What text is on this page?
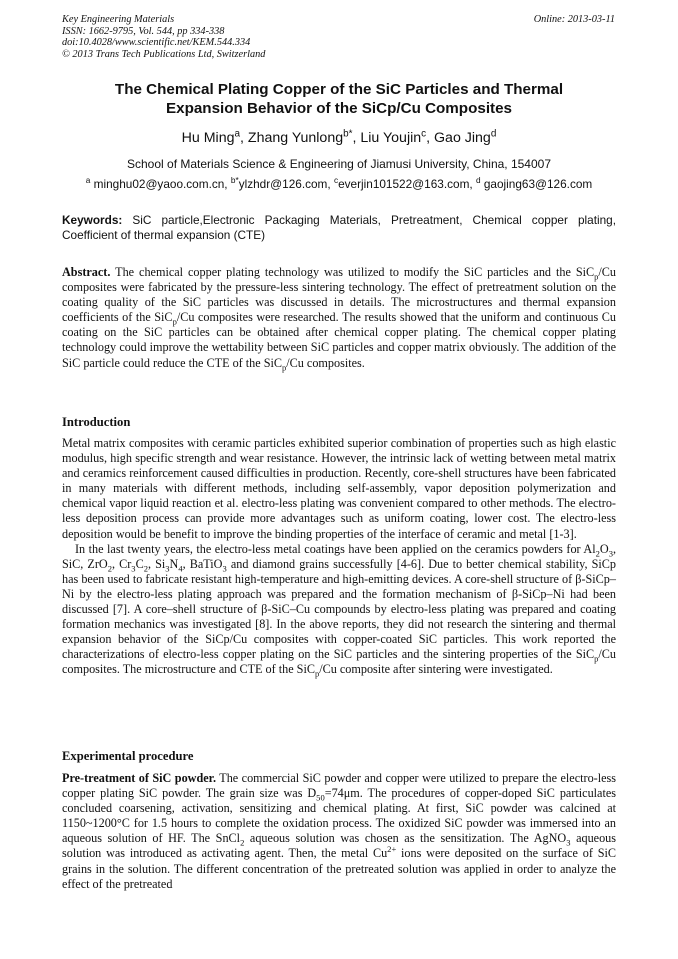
Key Engineering Materials
ISSN: 1662-9795, Vol. 544, pp 334-338
doi:10.4028/www.scientific.net/KEM.544.334
© 2013 Trans Tech Publications Ltd, Switzerland
Online: 2013-03-11
The Chemical Plating Copper of the SiC Particles and Thermal
Expansion Behavior of the SiCp/Cu Composites
Hu Ming$^a$, Zhang Yunlong$^{b*}$, Liu Youjin$^c$, Gao Jing$^d$
School of Materials Science & Engineering of Jiamusi University, China, 154007
$^a$ minghu02@yaoo.com.cn, $^{b*}$ylzhdr@126.com, $^c$everjin101522@163.com, $^d$ gaojing63@126.com
Keywords: SiC particle,Electronic Packaging Materials, Pretreatment, Chemical copper plating, Coefficient of thermal expansion (CTE)

Abstract. The chemical copper plating technology was utilized to modify the SiC particles and the SiC$_p$/Cu composites were fabricated by the pressure-less sintering technology. The effect of pretreatment solution on the coating quality of the SiC particles was discussed in details. The microstructures and thermal expansion coefficients of the SiC$_p$/Cu composites were researched. The results showed that the uniform and continuous Cu coating on the SiC particles can be obtained after chemical copper plating. The chemical copper plating technology could improve the wettability between SiC particles and copper matrix obviously. The addition of the SiC particle could reduce the CTE of the SiC$_p$/Cu composites.

Introduction

Metal matrix composites with ceramic particles exhibited superior combination of properties such as high elastic modulus, high specific strength and wear resistance. However, the intrinsic lack of wetting between metal matrix and ceramics reinforcement caused difficulties in production. Recently, core-shell structures have been fabricated in many materials with different methods, including self-assembly, vapor deposition polymerization and chemical vapor liquid reaction et al. electro-less plating was convenient compared to other methods. The electro-less deposition process can provide more advantages such as uniform coating, lower cost. The electro-less deposition would be benefit to improve the binding properties of the interface of ceramic and metal [1-3].

In the last twenty years, the electro-less metal coatings have been applied on the ceramics powders for $Al_2O_3$, SiC, ZrO$_2$, $Cr_3C_2$, $Si_3N_4$, BaTiO$_3$ and diamond grains successfully [4-6]. Due to better chemical stability, SiCp has been used to fabricate resistant high-temperature and high-emitting devices. A core-shell structure of β-SiCp–Ni by the electro-less plating approach was prepared and the formation mechanism of β-SiCp–Ni had been discussed [7]. A core–shell structure of β-SiC–Cu compounds by electro-less plating was prepared and coating formation mechanics was investigated [8]. In the above reports, they did not research the sintering and thermal expansion behavior of the SiCp/Cu composites with copper-coated SiC particles. This work reported the characterizations of electro-less copper plating on the SiC particles and the sintering properties of the SiC$_p$/Cu composites. The microstructure and CTE of the SiC$_p$/Cu composite after sintering were investigated.

Experimental procedure

Pre-treatment of SiC powder. The commercial SiC powder and copper were utilized to prepare the electro-less copper plating SiC powder. The grain size was $D_{50}=74\mu m$. The procedures of copper-doped SiC particulates concluded coarsening, activation, sensitizing and chemical plating. At first, SiC powder was calcined at 1150~1200°C for 1.5 hours to complete the oxidation process. The oxidized SiC powder was immersed into an aqueous solution of HF. The SnCl$_2$ aqueous solution was chosen as the sensitization. The AgNO$_3$ aqueous solution was introduced as activating agent. Then, the metal $Cu^{2+}$ ions were deposited on the surface of SiC grains in the solution. The different concentration of the pretreated solution was applied in order to analyze the effect of the pretreated
